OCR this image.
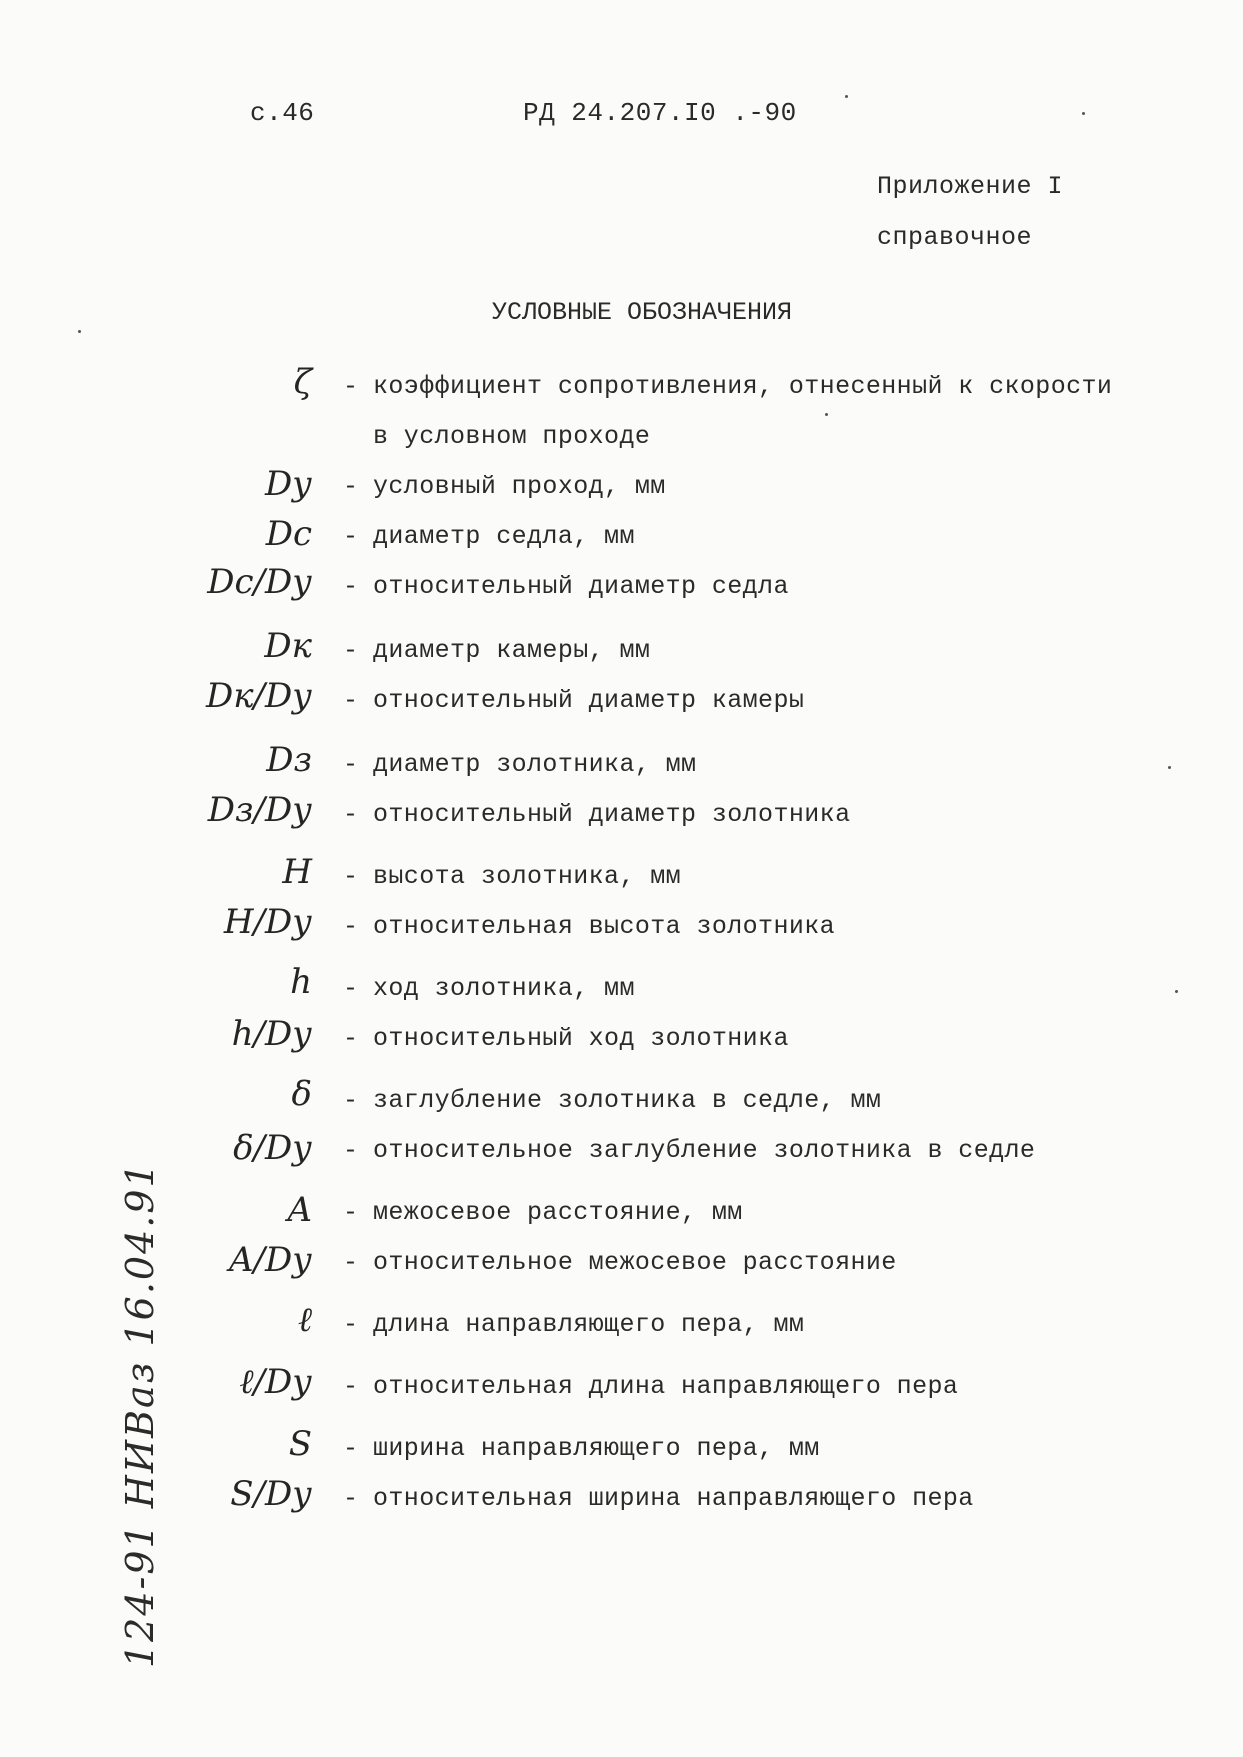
с.46	РД 24.207.I0 .-90
Приложение I
справочное
УСЛОВНЫЕ ОБОЗНАЧЕНИЯ
ζ - коэффициент сопротивления, отнесенный к скорости
в условном проходе
Dу - условный проход, мм
Dс - диаметр седла, мм
Dс/Dу - относительный диаметр седла
Dк - диаметр камеры, мм
Dк/Dу - относительный диаметр камеры
Dз - диаметр золотника, мм
Dз/Dу - относительный диаметр золотника
H - высота золотника, мм
H/Dу - относительная высота золотника
h - ход золотника, мм
h/Dу - относительный ход золотника
δ - заглубление золотника в седле, мм
δ/Dу - относительное заглубление золотника в седле
A - межосевое расстояние, мм
A/Dу - относительное межосевое расстояние
ℓ - длина направляющего пера, мм
ℓ/Dу - относительная длина направляющего пера
S - ширина направляющего пера, мм
S/Dу - относительная ширина направляющего пера
124-91 НИВаз 16.04.91
